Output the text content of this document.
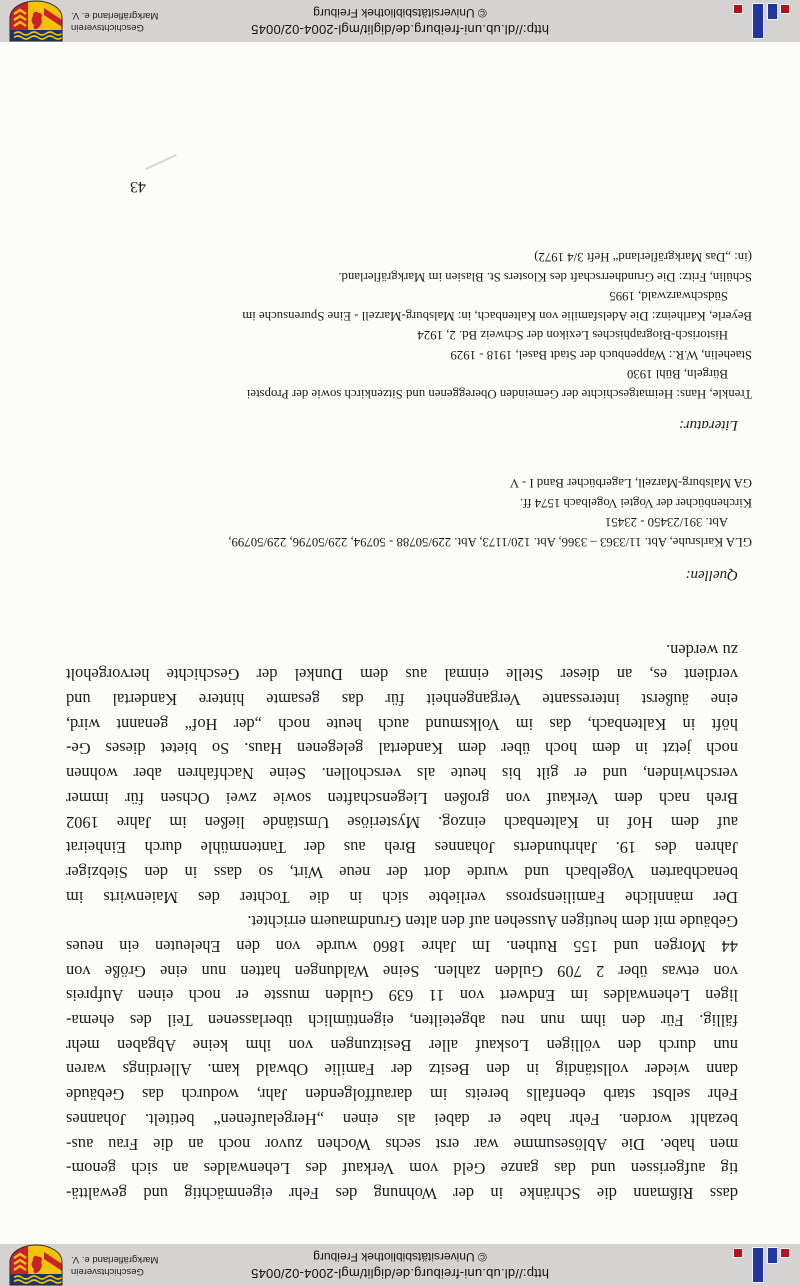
http://dl.ub.uni-freiburg.de/diglit/mgl-2004-02/0045
© Universitätsbibliothek Freiburg
Geschichtsverein
Markgräflerland e. V.
dass Rißmann die Schränke in der Wohnung des Fehr eigenmächtig und gewalttä-
tig aufgerissen und das ganze Geld vom Verkauf des Lehenwaldes an sich genom-
men habe. Die Ablösesumme war erst sechs Wochen zuvor noch an die Frau aus-
bezahlt worden. Fehr habe er dabei als einen „Hergelaufenen“ betitelt. Johannes
Fehr selbst starb ebenfalls bereits im darauffolgenden Jahr, wodurch das Gebäude
dann wieder vollständig in den Besitz der Familie Obwald kam. Allerdings waren
nun durch den völligen Loskauf aller Besitzungen von ihm keine Abgaben mehr
fällig. Für den ihm nun neu abgeteilten, eigentümlich überlassenen Teil des ehema-
ligen Lehenwaldes im Endwert von 11 639 Gulden musste er noch einen Aufpreis
von etwas über 2 709 Gulden zahlen. Seine Waldungen hatten nun eine Größe von
44 Morgen und 155 Ruthen. Im Jahre 1860 wurde von den Eheleuten ein neues
Gebäude mit dem heutigen Aussehen auf den alten Grundmauern errichtet.
Der männliche Familienspross verliebte sich in die Tochter des Maienwirts im
benachbarten Vogelbach und wurde dort der neue Wirt, so dass in den Siebziger
Jahren des 19. Jahrhunderts Johannes Breh aus der Tantenmühle durch Einheirat
auf dem Hof in Kaltenbach einzog. Mysteriöse Umstände ließen im Jahre 1902
Breh nach dem Verkauf von großen Liegenschaften sowie zwei Ochsen für immer
verschwinden, und er gilt bis heute als verschollen. Seine Nachfahren aber wohnen
noch jetzt in dem hoch über dem Kandertal gelegenen Haus. So bietet dieses Ge-
höft in Kaltenbach, das im Volksmund auch heute noch „der Hof“ genannt wird,
eine äußerst interessante Vergangenheit für das gesamte hintere Kandertal und
verdient es, an dieser Stelle einmal aus dem Dunkel der Geschichte hervorgeholt
zu werden.
Quellen:
GLA Karlsruhe, Abt. 11/3363 – 3366, Abt. 120/1173, Abt. 229/50788 - 50794, 229/50796, 229/50799,
Abt. 391/23450 - 23451
Kirchenbücher der Vogtei Vogelbach 1574 ff.
GA Malsburg-Marzell, Lagerbücher Band I - V
Literatur:
Trenkle, Hans: Heimatgeschichte der Gemeinden Obereggenen und Sitzenkirch sowie der Propstei
Bürgeln, Bühl 1930
Staehelin, W.R.: Wappenbuch der Stadt Basel, 1918 - 1929
Historisch-Biographisches Lexikon der Schweiz Bd. 2, 1924
Beyerle, Karlheinz: Die Adelsfamilie von Kaltenbach, in: Malsburg-Marzell - Eine Spurensuche im
Südschwarzwald, 1995
Schülin, Fritz: Die Grundherrschaft des Klosters St. Blasien im Markgräflerland.
(in: „Das Markgräflerland“ Heft 3/4 1972)
43
http://dl.ub.uni-freiburg.de/diglit/mgl-2004-02/0045
© Universitätsbibliothek Freiburg
Geschichtsverein
Markgräflerland e. V.
